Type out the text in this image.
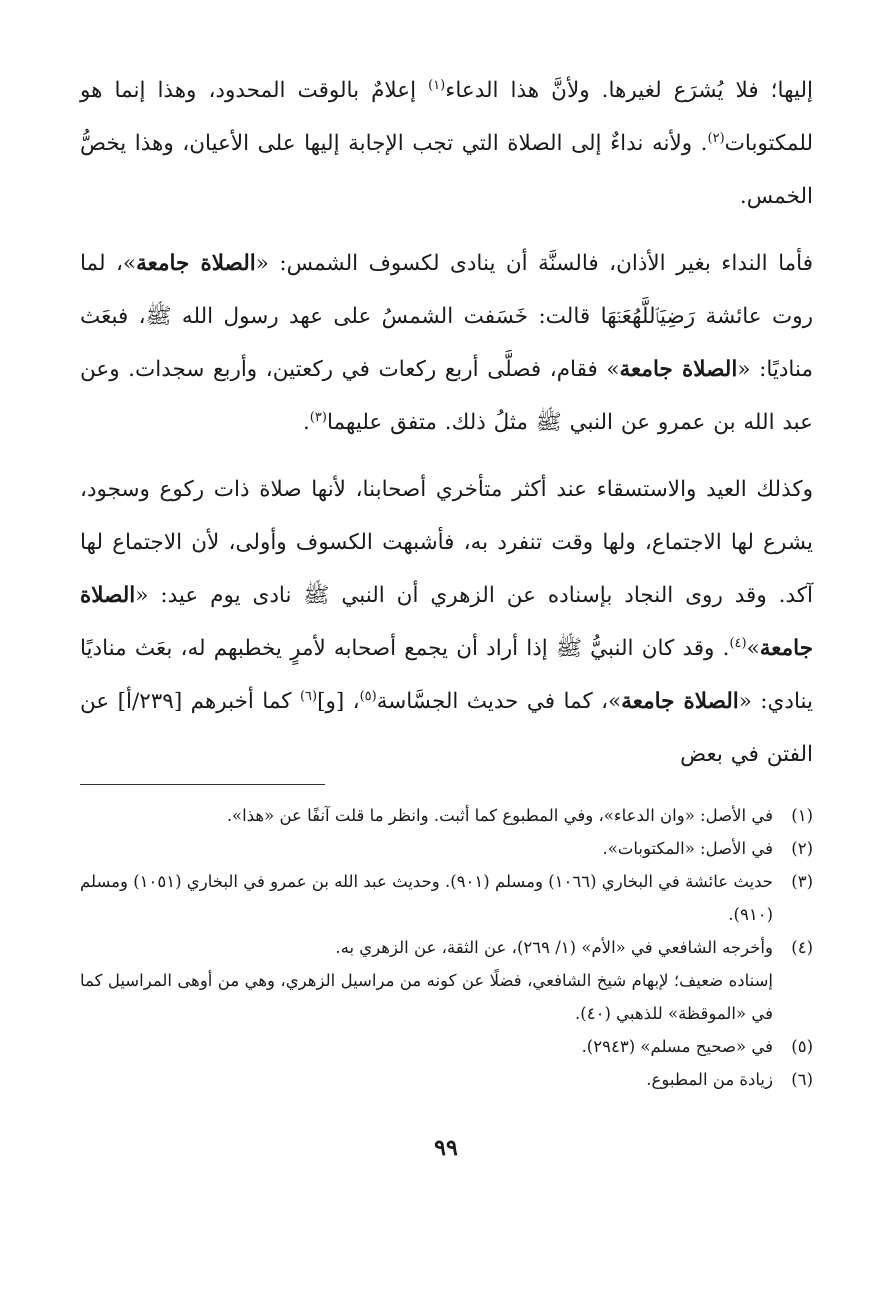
إليها؛ فلا يُشرَع لغيرها. ولأنَّ هذا الدعاء$^{(١)}$ إعلامٌ بالوقت المحدود، وهذا إنما هو للمكتوبات$^{(٢)}$. ولأنه نداءٌ إلى الصلاة التي تجب الإجابة إليها على الأعيان، وهذا يخصُّ الخمس.

فأما النداء بغير الأذان، فالسنَّة أن ينادى لكسوف الشمس: «الصلاة جامعة»، لما روت عائشة رَضِيَٱللَّهُعَنۡهَا قالت: خَسَفت الشمسُ على عهد رسول الله ﷺ، فبعَث مناديًا: «الصلاة جامعة» فقام، فصلَّى أربع ركعات في ركعتين، وأربع سجدات. وعن عبد الله بن عمرو عن النبي ﷺ مثلُ ذلك. متفق عليهما$^{(٣)}$.

وكذلك العيد والاستسقاء عند أكثر متأخري أصحابنا، لأنها صلاة ذات ركوع وسجود، يشرع لها الاجتماع، ولها وقت تنفرد به، فأشبهت الكسوف وأولى، لأن الاجتماع لها آكد. وقد روى النجاد بإسناده عن الزهري أن النبي ﷺ نادى يوم عيد: «الصلاة جامعة»$^{(٤)}$. وقد كان النبيُّ ﷺ إذا أراد أن يجمع أصحابه لأمرٍ يخطبهم له، بعَث مناديًا ينادي: «الصلاة جامعة»، كما في حديث الجسَّاسة$^{(٥)}$، [و]$^{(٦)}$ كما أخبرهم [٢٣٩/أ] عن الفتن في بعض

(١)
في الأصل: «وان الدعاء»، وفي المطبوع كما أثبت. وانظر ما قلت آنفًا عن «هذا».
(٢)
في الأصل: «المكتوبات».
(٣)
حديث عائشة في البخاري (١٠٦٦) ومسلم (٩٠١). وحديث عبد الله بن عمرو في البخاري (١٠٥١) ومسلم (٩١٠).
(٤)
وأخرجه الشافعي في «الأم» (١/ ٢٦٩)، عن الثقة، عن الزهري به.
إسناده ضعيف؛ لإبهام شيخ الشافعي، فضلًا عن كونه من مراسيل الزهري، وهي من أوهى المراسيل كما في «الموقظة» للذهبي (٤٠).
(٥)
في «صحيح مسلم» (٢٩٤٣).
(٦)
زيادة من المطبوع.
٩٩
